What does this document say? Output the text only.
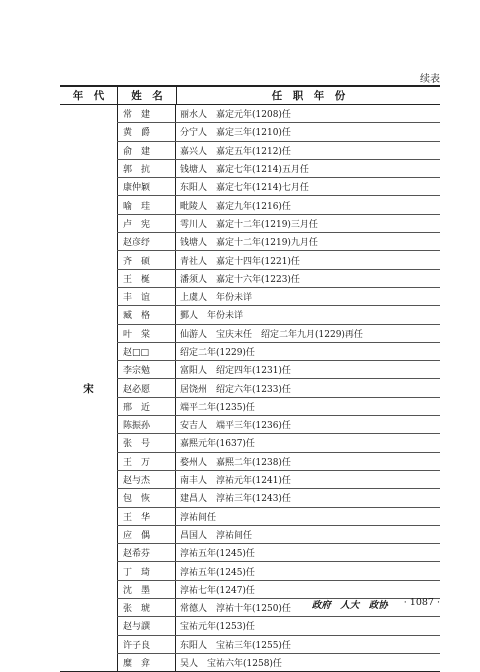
续表
年　代	姓　名	任　职　年　份
宋
常　建	丽水人　嘉定元年(1208)任
黄　爵	分宁人　嘉定三年(1210)任
俞　建	嘉兴人　嘉定五年(1212)任
郭　抗	钱塘人　嘉定七年(1214)五月任
康仲颖	东阳人　嘉定七年(1214)七月任
喻　珪	毗陵人　嘉定九年(1216)任
卢　宪	雩川人　嘉定十二年(1219)三月任
赵彦纾	钱塘人　嘉定十二年(1219)九月任
齐　硕	青社人　嘉定十四年(1221)任
王　梴	潘须人　嘉定十六年(1223)任
丰　谊	上虞人　年份未详
臧　格	鄞人　年份未详
叶　棠	仙游人　宝庆末任　绍定二年九月(1229)再任
赵□□	绍定二年(1229)任
李宗勉	富阳人　绍定四年(1231)任
赵必愿	居饶州　绍定六年(1233)任
邢　近	端平二年(1235)任
陈振孙	安吉人　端平三年(1236)任
张　号	嘉熙元年(1637)任
王　万	婺州人　嘉熙二年(1238)任
赵与杰	南丰人　淳祐元年(1241)任
包　恢	建昌人　淳祐三年(1243)任
王　华	淳祐间任
应　偶	昌国人　淳祐间任
赵希芬	淳祐五年(1245)任
丁　琦	淳祐五年(1245)任
沈　墨	淳祐七年(1247)任
张　琥	常德人　淳祐十年(1250)任
赵与譔	宝祐元年(1253)任
许子良	东阳人　宝祐三年(1255)任
糜　弇	吴人　宝祐六年(1258)任
政府　人大　政协 · 1087 ·
